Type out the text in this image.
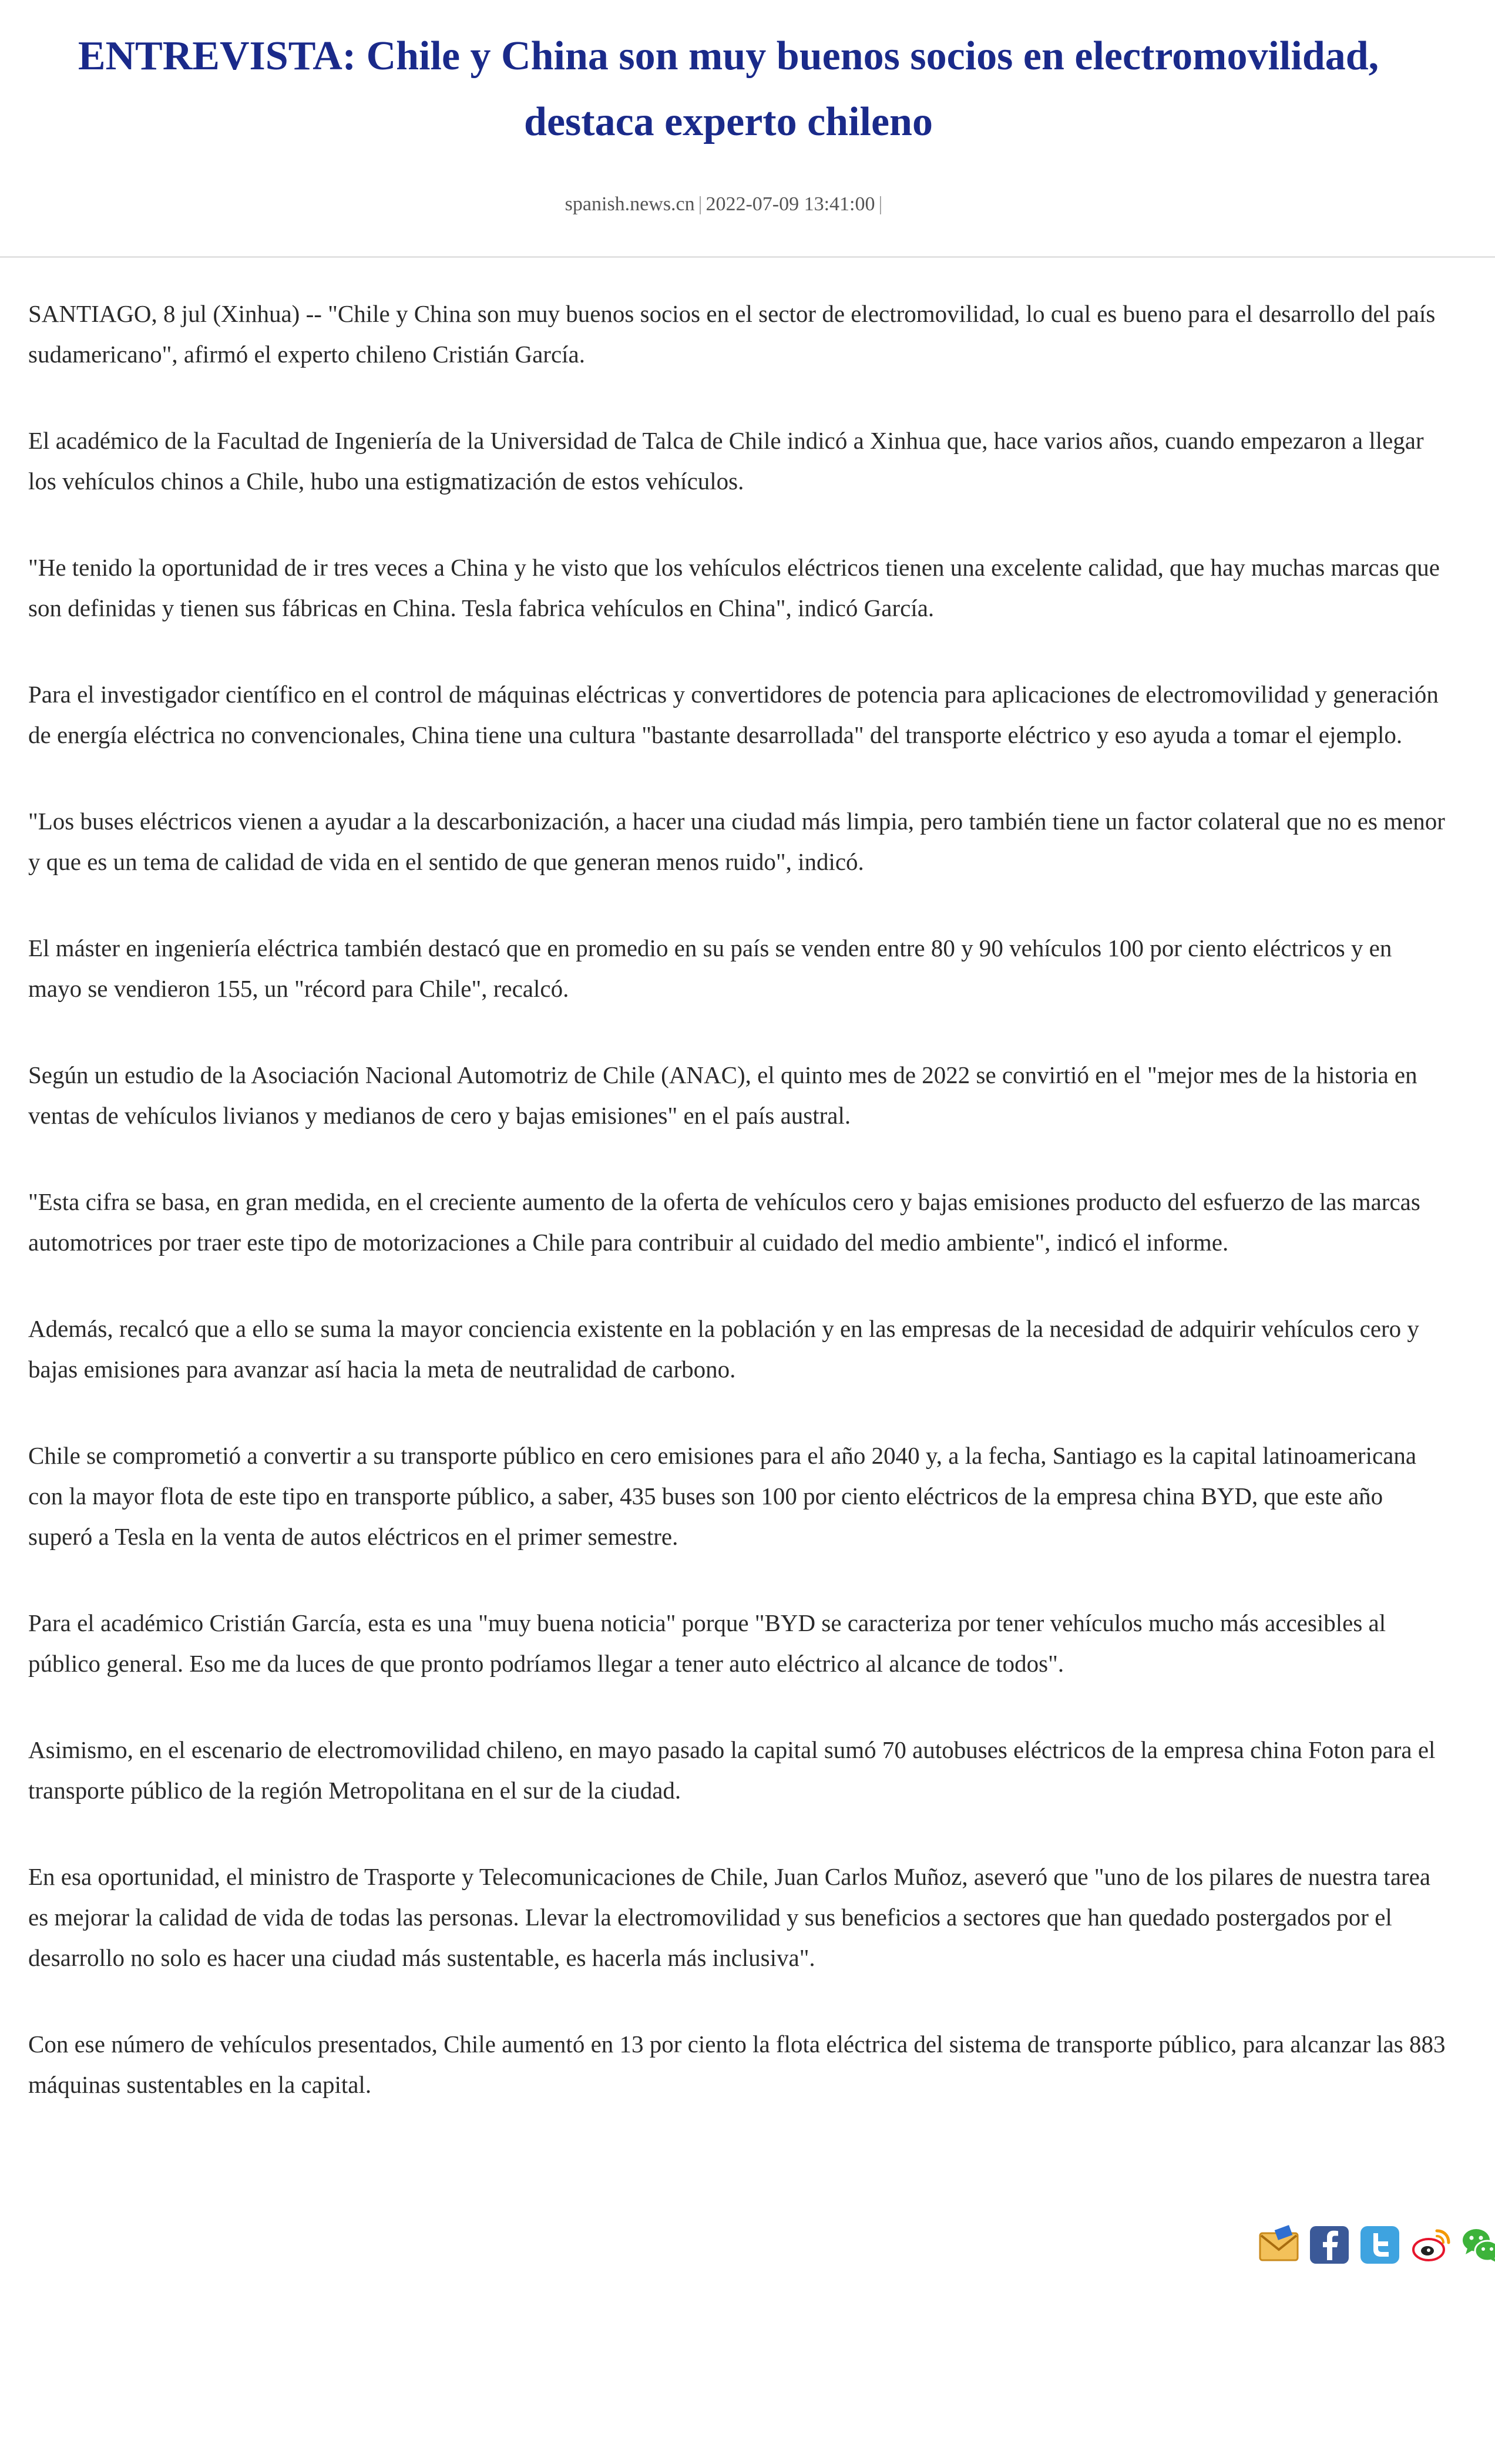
ENTREVISTA: Chile y China son muy buenos socios en electromovilidad, destaca experto chileno
spanish.news.cn | 2022-07-09 13:41:00 |

SANTIAGO, 8 jul (Xinhua) -- "Chile y China son muy buenos socios en el sector de electromovilidad, lo cual es bueno para el desarrollo del país sudamericano", afirmó el experto chileno Cristián García.

El académico de la Facultad de Ingeniería de la Universidad de Talca de Chile indicó a Xinhua que, hace varios años, cuando empezaron a llegar los vehículos chinos a Chile, hubo una estigmatización de estos vehículos.

"He tenido la oportunidad de ir tres veces a China y he visto que los vehículos eléctricos tienen una excelente calidad, que hay muchas marcas que son definidas y tienen sus fábricas en China. Tesla fabrica vehículos en China", indicó García.

Para el investigador científico en el control de máquinas eléctricas y convertidores de potencia para aplicaciones de electromovilidad y generación de energía eléctrica no convencionales, China tiene una cultura "bastante desarrollada" del transporte eléctrico y eso ayuda a tomar el ejemplo.

"Los buses eléctricos vienen a ayudar a la descarbonización, a hacer una ciudad más limpia, pero también tiene un factor colateral que no es menor y que es un tema de calidad de vida en el sentido de que generan menos ruido", indicó.

El máster en ingeniería eléctrica también destacó que en promedio en su país se venden entre 80 y 90 vehículos 100 por ciento eléctricos y en mayo se vendieron 155, un "récord para Chile", recalcó.

Según un estudio de la Asociación Nacional Automotriz de Chile (ANAC), el quinto mes de 2022 se convirtió en el "mejor mes de la historia en ventas de vehículos livianos y medianos de cero y bajas emisiones" en el país austral.

"Esta cifra se basa, en gran medida, en el creciente aumento de la oferta de vehículos cero y bajas emisiones producto del esfuerzo de las marcas automotrices por traer este tipo de motorizaciones a Chile para contribuir al cuidado del medio ambiente", indicó el informe.

Además, recalcó que a ello se suma la mayor conciencia existente en la población y en las empresas de la necesidad de adquirir vehículos cero y bajas emisiones para avanzar así hacia la meta de neutralidad de carbono.

Chile se comprometió a convertir a su transporte público en cero emisiones para el año 2040 y, a la fecha, Santiago es la capital latinoamericana con la mayor flota de este tipo en transporte público, a saber, 435 buses son 100 por ciento eléctricos de la empresa china BYD, que este año superó a Tesla en la venta de autos eléctricos en el primer semestre.

Para el académico Cristián García, esta es una "muy buena noticia" porque "BYD se caracteriza por tener vehículos mucho más accesibles al público general. Eso me da luces de que pronto podríamos llegar a tener auto eléctrico al alcance de todos".

Asimismo, en el escenario de electromovilidad chileno, en mayo pasado la capital sumó 70 autobuses eléctricos de la empresa china Foton para el transporte público de la región Metropolitana en el sur de la ciudad.

En esa oportunidad, el ministro de Trasporte y Telecomunicaciones de Chile, Juan Carlos Muñoz, aseveró que "uno de los pilares de nuestra tarea es mejorar la calidad de vida de todas las personas. Llevar la electromovilidad y sus beneficios a sectores que han quedado postergados por el desarrollo no solo es hacer una ciudad más sustentable, es hacerla más inclusiva".

Con ese número de vehículos presentados, Chile aumentó en 13 por ciento la flota eléctrica del sistema de transporte público, para alcanzar las 883 máquinas sustentables en la capital.
